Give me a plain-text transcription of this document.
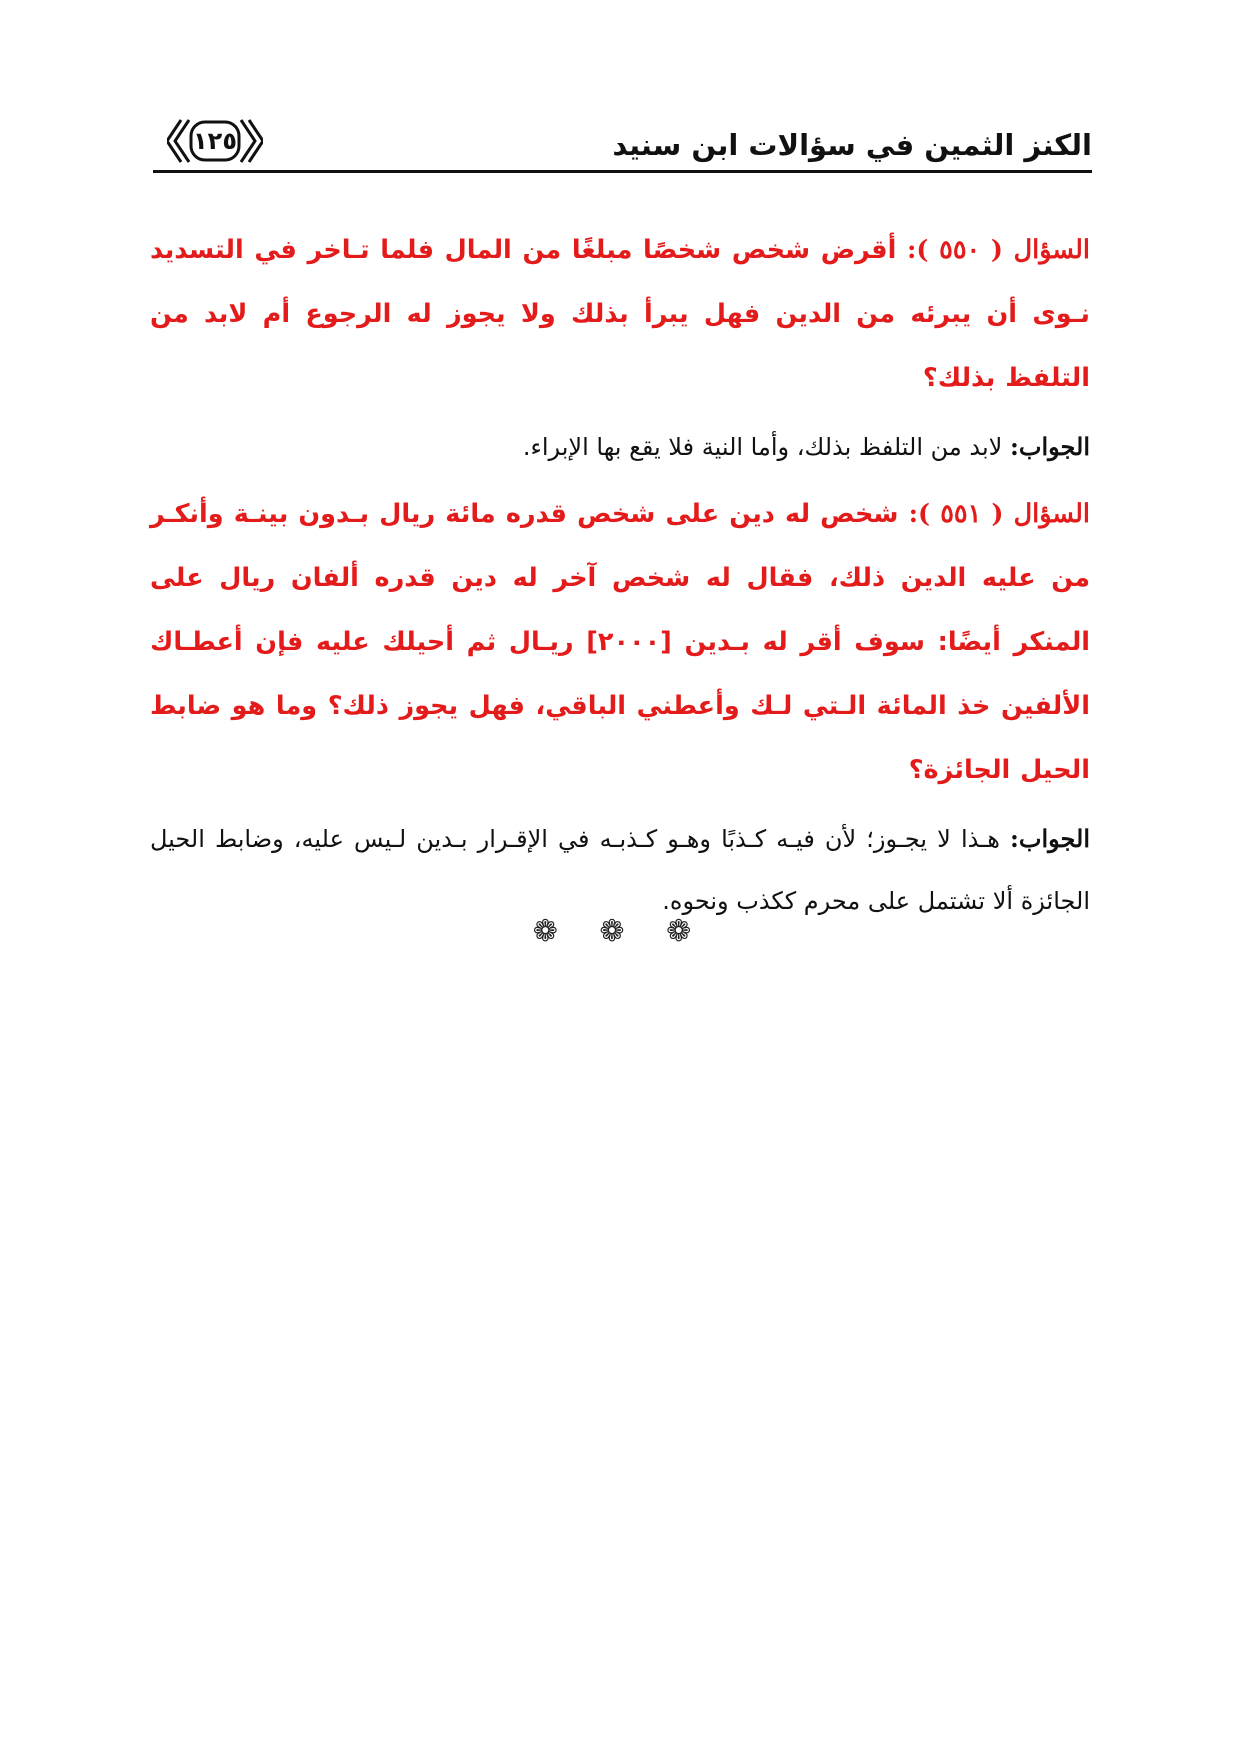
الكنز الثمين في سؤالات ابن سنيد
١٢٥

السؤال ( ٥٥٠ ): أقرض شخص شخصًا مبلغًا من المال فلما تـاخر في التسديد نـوى أن يبرئه من الدين فهل يبرأ بذلك ولا يجوز له الرجوع أم لابد من التلفظ بذلك؟

الجواب: لابد من التلفظ بذلك، وأما النية فلا يقع بها الإبراء.

السؤال ( ٥٥١ ): شخص له دين على شخص قدره مائة ريال بـدون بينـة وأنكـر من عليه الدين ذلك، فقال له شخص آخر له دين قدره ألفان ريال على المنكر أيضًا: سوف أقر له بـدين [٢٠٠٠] ريـال ثم أحيلك عليه فإن أعطـاك الألفين خذ المائة الـتي لـك وأعطني الباقي، فهل يجوز ذلك؟ وما هو ضابط الحيل الجائزة؟

الجواب: هـذا لا يجـوز؛ لأن فيـه كـذبًا وهـو كـذبـه في الإقـرار بـدين لـيس عليه، وضابط الحيل الجائزة ألا تشتمل على محرم ككذب ونحوه.

❁ ❁ ❁
